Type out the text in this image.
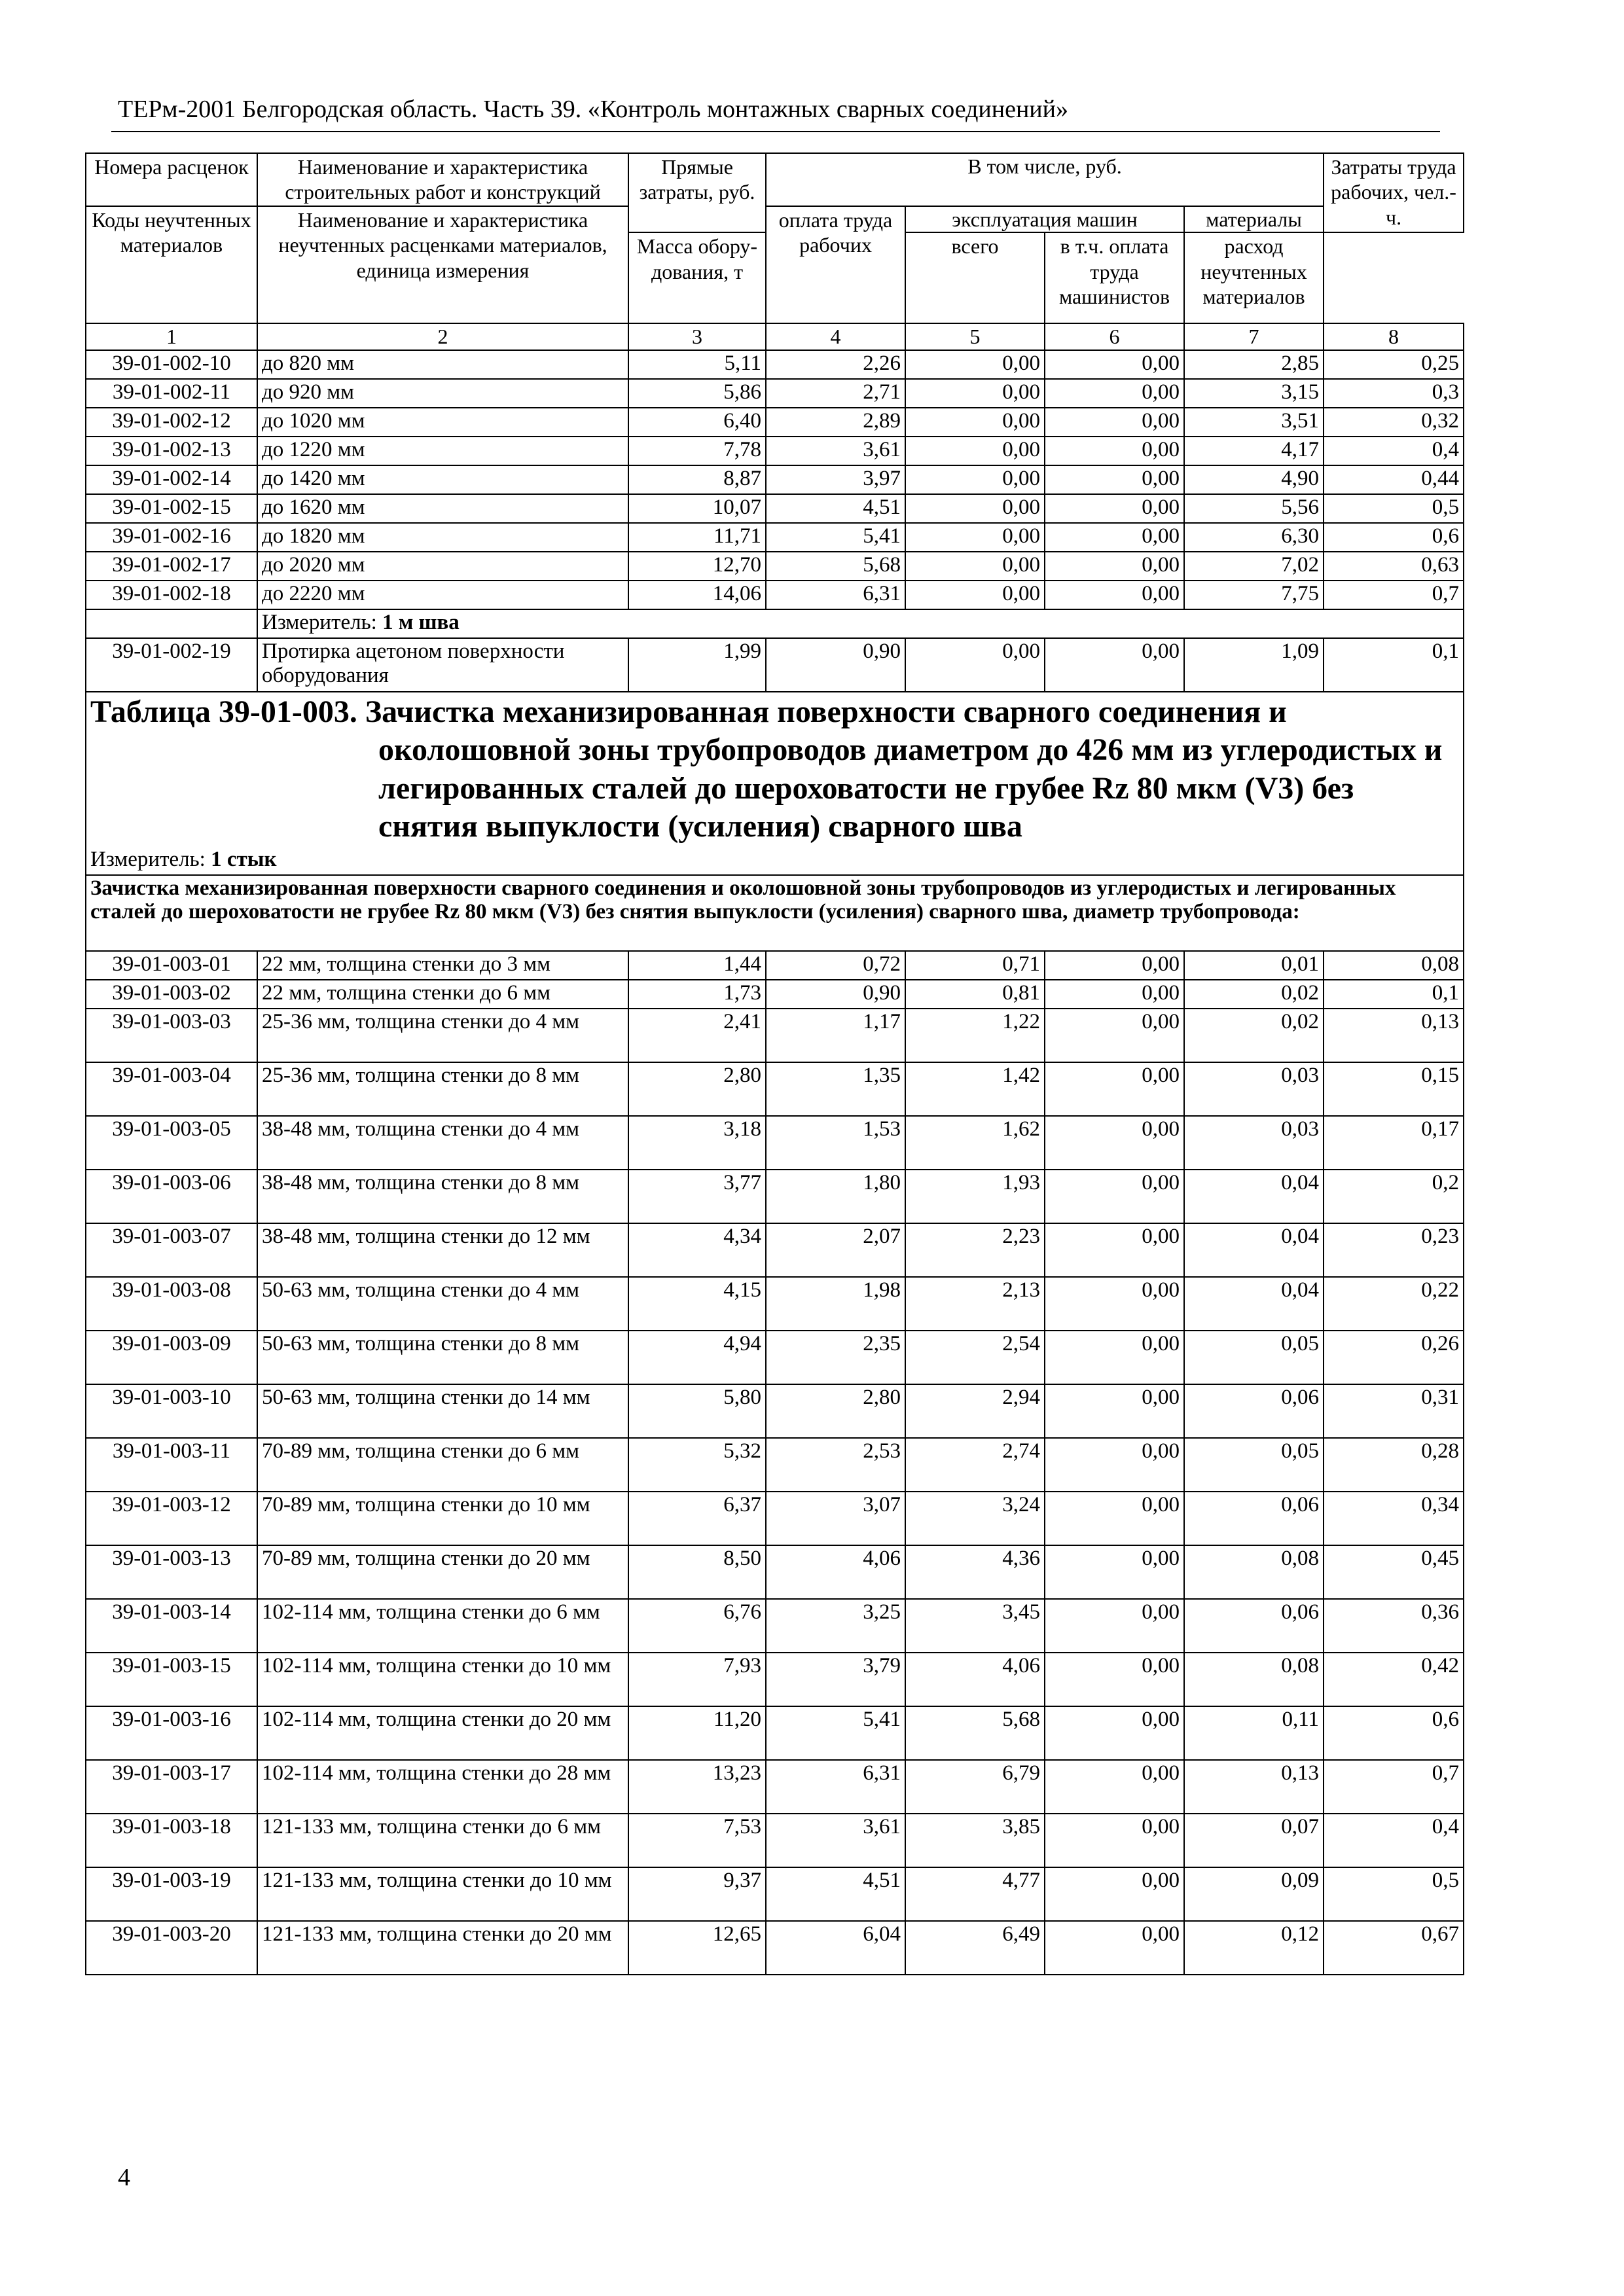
ТЕРм-2001 Белгородская область. Часть 39. «Контроль монтажных сварных соединений»
Номера расценок	Наименование и характеристика строительных работ и конструкций	Прямые затраты, руб.	В том числе, руб.				Затраты труда рабочих, чел.-ч.
Коды неучтенных материалов	Наименование и характеристика неучтенных расценками материалов, единица измерения		оплата труда рабочих	эксплуатация машин		материалы	
				всего	в т.ч. оплата труда машинистов	расход неучтенных материалов	
		Масса обору-дования, т					
1	2	3	4	5	6	7	8
39-01-002-10	до 820 мм	5,11	2,26	0,00	0,00	2,85	0,25
39-01-002-11	до 920 мм	5,86	2,71	0,00	0,00	3,15	0,3
39-01-002-12	до 1020 мм	6,40	2,89	0,00	0,00	3,51	0,32
39-01-002-13	до 1220 мм	7,78	3,61	0,00	0,00	4,17	0,4
39-01-002-14	до 1420 мм	8,87	3,97	0,00	0,00	4,90	0,44
39-01-002-15	до 1620 мм	10,07	4,51	0,00	0,00	5,56	0,5
39-01-002-16	до 1820 мм	11,71	5,41	0,00	0,00	6,30	0,6
39-01-002-17	до 2020 мм	12,70	5,68	0,00	0,00	7,02	0,63
39-01-002-18	до 2220 мм	14,06	6,31	0,00	0,00	7,75	0,7
	Измеритель: 1 м шва						
39-01-002-19	Протирка ацетоном поверхности оборудования	1,99	0,90	0,00	0,00	1,09	0,1

Таблица 39-01-003. Зачистка механизированная поверхности сварного соединения и околошовной зоны трубопроводов диаметром до 426 мм из углеродистых и легированных сталей до шероховатости не грубее Rz 80 мкм (V3) без снятия выпуклости (усиления) сварного шва							

Измеритель: 1 стык							
Зачистка механизированная поверхности сварного соединения и околошовной зоны трубопроводов из углеродистых и легированных сталей до шероховатости не грубее Rz 80 мкм (V3) без снятия выпуклости (усиления) сварного шва, диаметр трубопровода:							
39-01-003-01	22 мм, толщина стенки до 3 мм	1,44	0,72	0,71	0,00	0,01	0,08
39-01-003-02	22 мм, толщина стенки до 6 мм	1,73	0,90	0,81	0,00	0,02	0,1
39-01-003-03	25-36 мм, толщина стенки до 4 мм	2,41	1,17	1,22	0,00	0,02	0,13
39-01-003-04	25-36 мм, толщина стенки до 8 мм	2,80	1,35	1,42	0,00	0,03	0,15
39-01-003-05	38-48 мм, толщина стенки до 4 мм	3,18	1,53	1,62	0,00	0,03	0,17
39-01-003-06	38-48 мм, толщина стенки до 8 мм	3,77	1,80	1,93	0,00	0,04	0,2
39-01-003-07	38-48 мм, толщина стенки до 12 мм	4,34	2,07	2,23	0,00	0,04	0,23
39-01-003-08	50-63 мм, толщина стенки до 4 мм	4,15	1,98	2,13	0,00	0,04	0,22
39-01-003-09	50-63 мм, толщина стенки до 8 мм	4,94	2,35	2,54	0,00	0,05	0,26
39-01-003-10	50-63 мм, толщина стенки до 14 мм	5,80	2,80	2,94	0,00	0,06	0,31
39-01-003-11	70-89 мм, толщина стенки до 6 мм	5,32	2,53	2,74	0,00	0,05	0,28
39-01-003-12	70-89 мм, толщина стенки до 10 мм	6,37	3,07	3,24	0,00	0,06	0,34
39-01-003-13	70-89 мм, толщина стенки до 20 мм	8,50	4,06	4,36	0,00	0,08	0,45
39-01-003-14	102-114 мм, толщина стенки до 6 мм	6,76	3,25	3,45	0,00	0,06	0,36
39-01-003-15	102-114 мм, толщина стенки до 10 мм	7,93	3,79	4,06	0,00	0,08	0,42
39-01-003-16	102-114 мм, толщина стенки до 20 мм	11,20	5,41	5,68	0,00	0,11	0,6
39-01-003-17	102-114 мм, толщина стенки до 28 мм	13,23	6,31	6,79	0,00	0,13	0,7
39-01-003-18	121-133 мм, толщина стенки до 6 мм	7,53	3,61	3,85	0,00	0,07	0,4
39-01-003-19	121-133 мм, толщина стенки до 10 мм	9,37	4,51	4,77	0,00	0,09	0,5
39-01-003-20	121-133 мм, толщина стенки до 20 мм	12,65	6,04	6,49	0,00	0,12	0,67
4
